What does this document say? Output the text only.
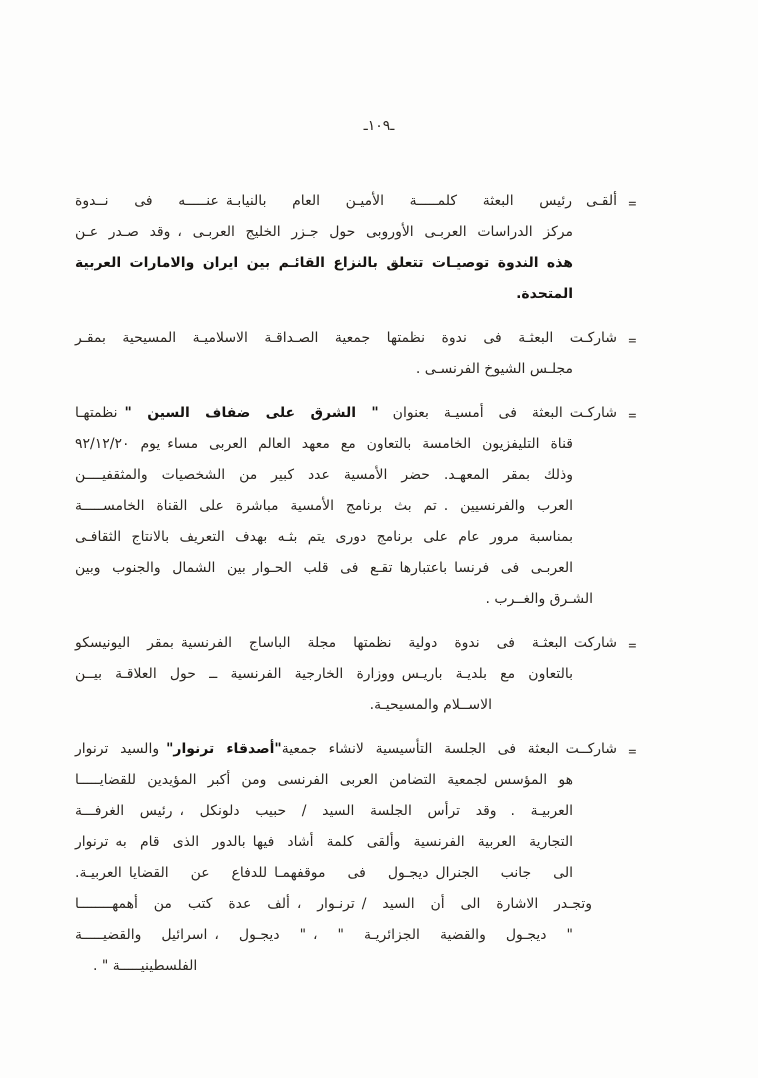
ـ١٠٩ـ
=
ألقـى رئيس البعثة كلمـــــة الأميـن العام بالنيابـة عنـــــه فى نــدوة
مركز الدراسات العربـى الأوروبى حول جـزر الخليج العربـى ، وقد صـدر عـن
هذه الندوة توصيـات تتعلق بالنزاع القائـم بين ايران والامارات العربية المتحدة.
=
شاركـت البعثـة فى ندوة نظمتها جمعية الصـداقـة الاسلاميـة المسيحية بمقـر
مجلـس الشيوخ الفرنسـى .
=
شاركـت البعثة فى أمسيـة بعنوان " الشرق على ضفاف السين " نظمتهـا
قناة التليفزيون الخامسة بالتعاون مع معهد العالم العربى مساء يوم ٩٢/١٢/٢٠
وذلك بمقر المعهـد. حضر الأمسية عدد كبير من الشخصيات والمثقفيــــن
العرب والفرنسيين . تم بث برنامج الأمسية مباشرة على القناة الخامســـــة
بمناسبة مرور عام على برنامج دورى يتم بثـه بهدف التعريف بالانتاج الثقافـى
العربـى فى فرنسا باعتبارها تقـع فى قلب الحـوار بين الشمال والجنوب وبين
الشـرق والغــرب .
=
شاركت البعثـة فى ندوة دولية نظمتها مجلة الباساج الفرنسية بمقر اليونيسكو
بالتعاون مع بلديـة باريـس ووزارة الخارجية الفرنسية ــ حول العلاقـة بيــن
الاســلام والمسيحيـة.
=
شاركــت البعثة فى الجلسة التأسيسية لانشاء جمعية"أصدقاء ترنوار" والسيد ترنوار
هو المؤسس لجمعية التضامن العربى الفرنسى ومن أكبر المؤيدين للقضايـــــا
العربيـة . وقد ترأس الجلسة السيد / حبيب دلونكل ، رئيس الغرفـــة
التجارية العربية الفرنسية وألقى كلمة أشاد فيها بالدور الذى قام به ترنوار
الى جانب الجنرال ديجـول فى موقفهمـا للدفاع عن القضايا العربيـة.
وتجـدر الاشارة الى أن السيد / ترنـوار ، ألف عدة كتب من أهمهــــــــا
" ديجـول والقضية الجزائريـة " ، " ديجـول ، اسرائيل والقضيـــــة
الفلسطينيـــــة " .
